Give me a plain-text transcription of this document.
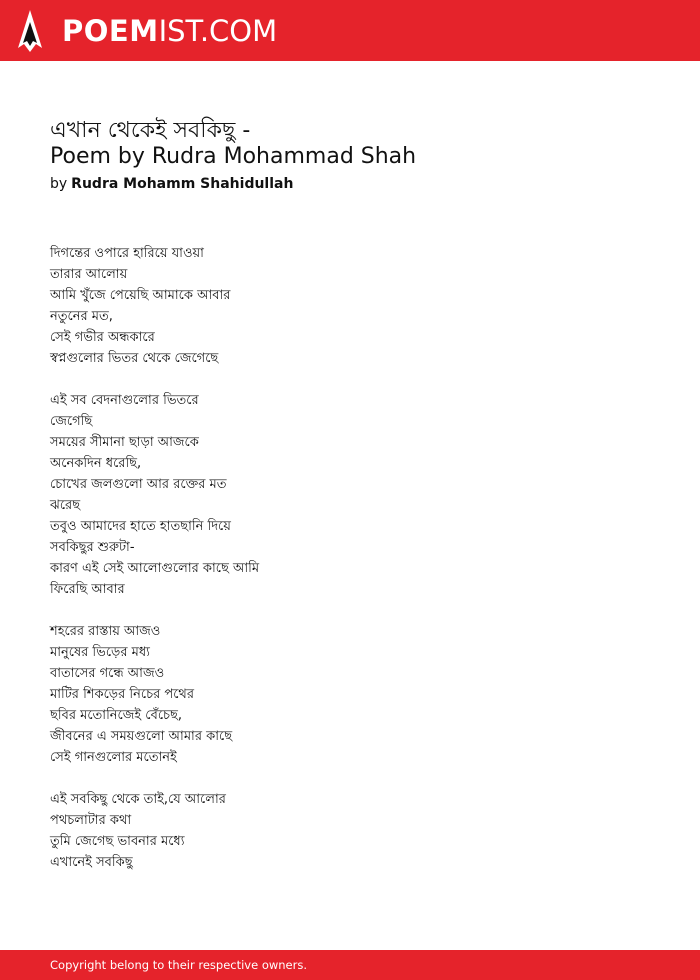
POEMIST.COM
এখান থেকেই সবকিছু -
Poem by Rudra Mohammad Shah
by Rudra Mohamm Shahidullah
দিগন্তের ওপারে হারিয়ে যাওয়া
তারার আলোয়
আমি খুঁজে পেয়েছি আমাকে আবার
নতুনের মত,
সেই গভীর অন্ধকারে
স্বপ্নগুলোর ভিতর থেকে জেগেছে
এই সব বেদনাগুলোর ভিতরে
জেগেছি
সময়ের সীমানা ছাড়া আজকে
অনেকদিন ধরেছি,
চোখের জলগুলো আর রক্তের মত
ঝরেছ
তবুও আমাদের হাতে হাতছানি দিয়ে
সবকিছুর শুরুটা-
কারণ এই সেই আলোগুলোর কাছে আমি
ফিরেছি আবার
শহরের রাস্তায় আজও
মানুষের ভিড়ের মধ্য
বাতাসের গন্ধে আজও
মাটির শিকড়ের নিচের পথের
ছবির মতোনিজেই বেঁচেছ,
জীবনের এ সময়গুলো আমার কাছে
সেই গানগুলোর মতোনই
এই সবকিছু থেকে তাই,যে আলোর
পথচলাটার কথা
তুমি জেগেছ ভাবনার মধ্যে
এখানেই সবকিছু
Copyright belong to their respective owners.
